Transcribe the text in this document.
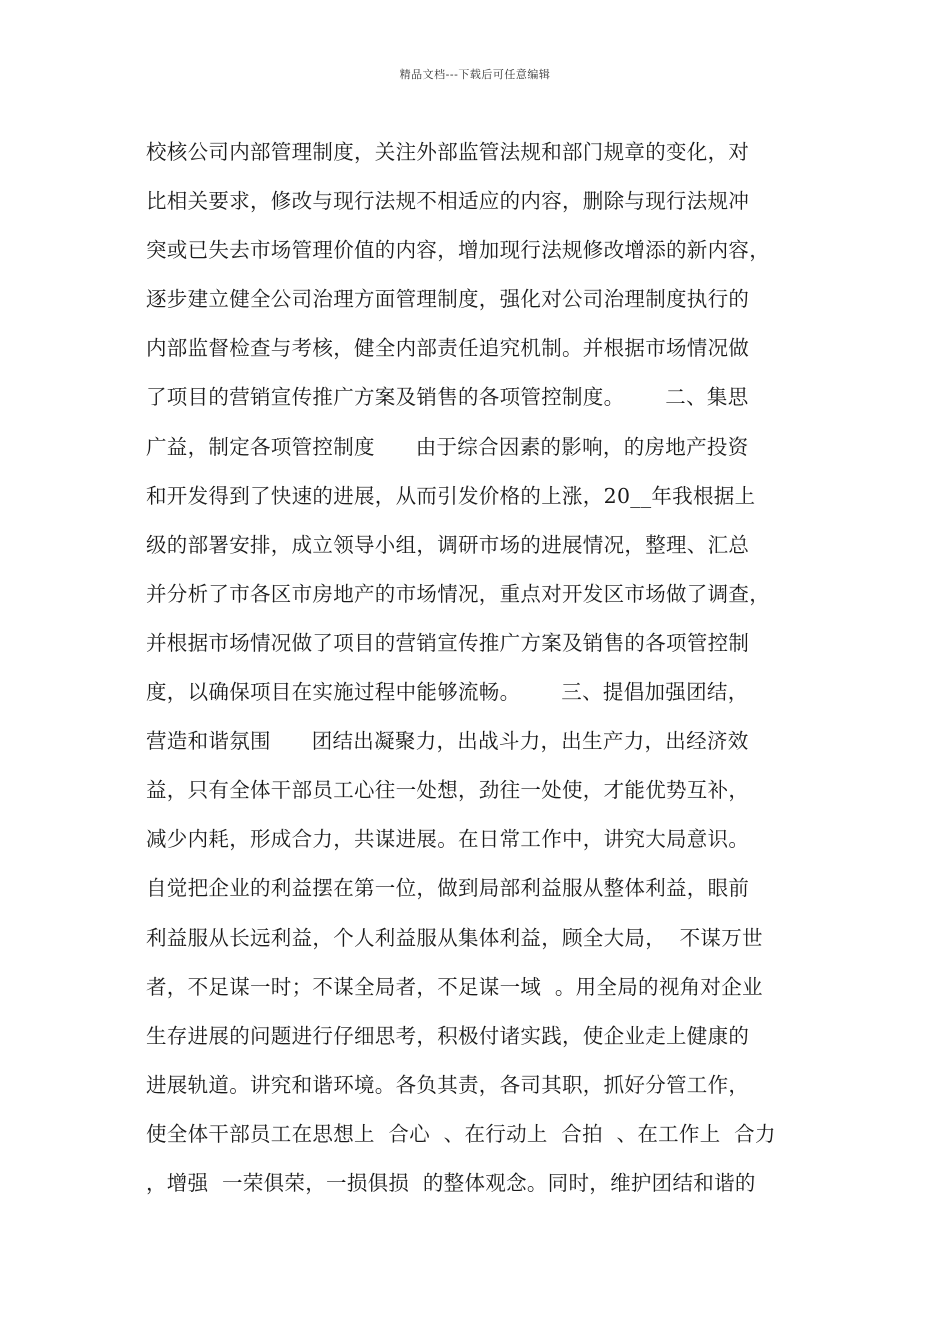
精品文档---下载后可任意编辑
校核公司内部管理制度，关注外部监管法规和部门规章的变化，对
比相关要求，修改与现行法规不相适应的内容，删除与现行法规冲
突或已失去市场管理价值的内容，增加现行法规修改增添的新内容，
逐步建立健全公司治理方面管理制度，强化对公司治理制度执行的
内部监督检查与考核，健全内部责任追究机制。并根据市场情况做
了项目的营销宣传推广方案及销售的各项管控制度。      二、集思
广益，制定各项管控制度      由于综合因素的影响，的房地产投资
和开发得到了快速的进展，从而引发价格的上涨，20__年我根据上
级的部署安排，成立领导小组，调研市场的进展情况，整理、汇总
并分析了市各区市房地产的市场情况，重点对开发区市场做了调查，
并根据市场情况做了项目的营销宣传推广方案及销售的各项管控制
度，以确保项目在实施过程中能够流畅。      三、提倡加强团结，
营造和谐氛围      团结出凝聚力，出战斗力，出生产力，出经济效
益，只有全体干部员工心往一处想，劲往一处使，才能优势互补，
减少内耗，形成合力，共谋进展。在日常工作中，讲究大局意识。
自觉把企业的利益摆在第一位，做到局部利益服从整体利益，眼前
利益服从长远利益，个人利益服从集体利益，顾全大局，  不谋万世
者，不足谋一时；不谋全局者，不足谋一域  。用全局的视角对企业
生存进展的问题进行仔细思考，积极付诸实践，使企业走上健康的
进展轨道。讲究和谐环境。各负其责，各司其职，抓好分管工作，
使全体干部员工在思想上  合心  、在行动上  合拍  、在工作上  合力
，增强  一荣俱荣，一损俱损  的整体观念。同时，维护团结和谐的
